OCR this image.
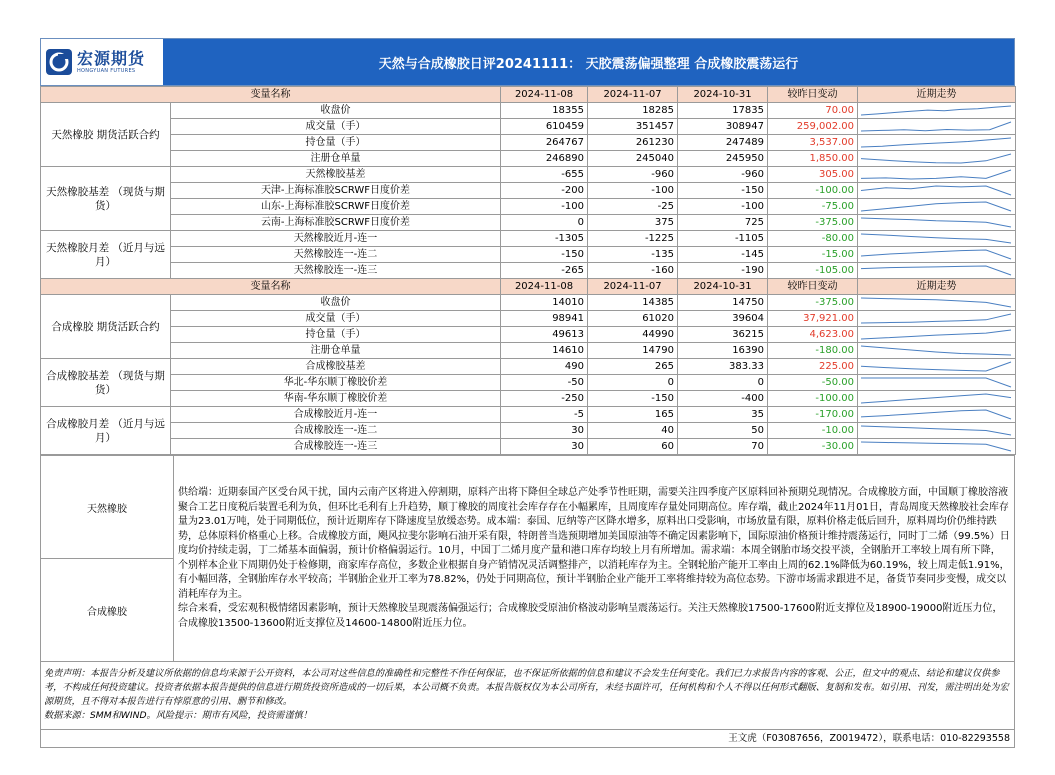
宏源期货
HONGYUAN FUTURES	天然与合成橡胶日评20241111： 天胶震荡偏强整理 合成橡胶震荡运行
变量名称		2024-11-08	2024-11-07	2024-10-31	较昨日变动	近期走势
天然橡胶 期货活跃合约	收盘价	18355	18285	17835	70.00	

	成交量（手）	610459	351457	308947	259,002.00	

	持仓量（手）	264767	261230	247489	3,537.00	

	注册仓单量	246890	245040	245950	1,850.00	

天然橡胶基差 （现货与期货）	天然橡胶基差	-655	-960	-960	305.00	

	天津-上海标准胶SCRWF日度价差	-200	-100	-150	-100.00	

	山东-上海标准胶SCRWF日度价差	-100	-25	-100	-75.00	

	云南-上海标准胶SCRWF日度价差	0	375	725	-375.00	

天然橡胶月差 （近月与远月）	天然橡胶近月-连一	-1305	-1225	-1105	-80.00	

	天然橡胶连一-连二	-150	-135	-145	-15.00	

	天然橡胶连一-连三	-265	-160	-190	-105.00	

变量名称		2024-11-08	2024-11-07	2024-10-31	较昨日变动	近期走势
合成橡胶 期货活跃合约	收盘价	14010	14385	14750	-375.00	

	成交量（手）	98941	61020	39604	37,921.00	

	持仓量（手）	49613	44990	36215	4,623.00	

	注册仓单量	14610	14790	16390	-180.00	

合成橡胶基差 （现货与期货）	合成橡胶基差	490	265	383.33	225.00	

	华北-华东顺丁橡胶价差	-50	0	0	-50.00	

	华南-华东顺丁橡胶价差	-250	-150	-400	-100.00	

合成橡胶月差 （近月与远月）	合成橡胶近月-连一	-5	165	35	-170.00	

	合成橡胶连一-连二	30	40	50	-10.00	

	合成橡胶连一-连三	30	60	70	-30.00	
天然橡胶	供给端：近期泰国产区受台风干扰，国内云南产区将进入停割期，原料产出将下降但全球总产处季节性旺期，需要关注四季度产区原料回补预期兑现情况。合成橡胶方面，中国顺丁橡胶溶液聚合工艺日度税后装置毛利为负，但环比毛利有上升趋势，顺丁橡胶的周度社会库存存在小幅累库，且周度库存量处同期高位。库存端，截止2024年11月01日，青岛周度天然橡胶社会库存量为23.01万吨，处于同期低位，预计近期库存下降速度呈放缓态势。成本端：泰国、厄纳等产区降水增多，原料出口受影响，市场放量有限，原料价格走低后回升，原料周均价仍维持跌势，总体原料价格重心上移。合成橡胶方面，飓风拉斐尔影响石油开采有限，特朗普当选预期增加美国原油等不确定因素影响下，国际原油价格预计维持震荡运行，同时丁二烯（99.5%）日度均价持续走弱，丁二烯基本面偏弱，预计价格偏弱运行。10月，中国丁二烯月度产量和港口库存均较上月有所增加。需求端：本周全钢胎市场交投平淡，全钢胎开工率较上周有所下降，个别样本企业下周期仍处于检修期，商家库存高位，多数企业根据自身产销情况灵活调整排产，以消耗库存为主。全钢轮胎产能开工率由上周的62.1%降低为60.19%，较上周走低1.91%，有小幅回落，全钢胎库存水平较高；半钢胎企业开工率为78.82%，仍处于同期高位，预计半钢胎企业产能开工率将维持较为高位态势。下游市场需求跟进不足，备货节奏同步变慢，成交以消耗库存为主。
综合来看，受宏观积极情绪因素影响，预计天然橡胶呈现震荡偏强运行；合成橡胶受原油价格波动影响呈震荡运行。关注天然橡胶17500-17600附近支撑位及18900-19000附近压力位，合成橡胶13500-13600附近支撑位及14600-14800附近压力位。
合成橡胶
免责声明：本报告分析及建议所依据的信息均来源于公开资料，本公司对这些信息的准确性和完整性不作任何保证，也不保证所依据的信息和建议不会发生任何变化。我们已力求报告内容的客观、公正，但文中的观点、结论和建议仅供参考，不构成任何投资建议。投资者依据本报告提供的信息进行期货投资所造成的一切后果，本公司概不负责。本报告版权仅为本公司所有，未经书面许可，任何机构和个人不得以任何形式翻版、复制和发布。如引用、刊发，需注明出处为宏源期货，且不得对本报告进行有悖原意的引用、删节和修改。
数据来源：SMM和WIND。风险提示：期市有风险，投资需谨慎！
王文虎（F03087656，Z0019472），联系电话：010-82293558
